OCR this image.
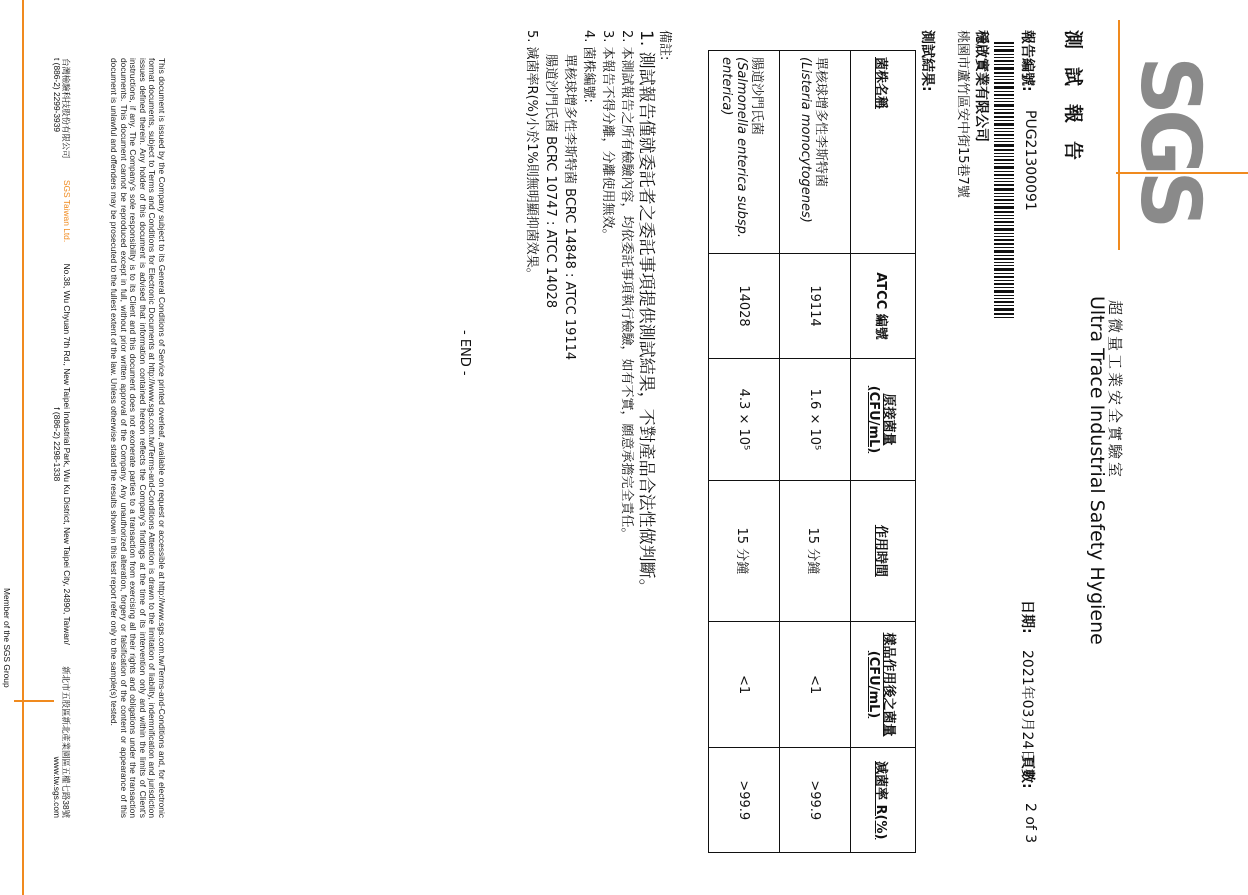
SGS
超微量工業安全實驗室
Ultra Trace Industrial Safety Hygiene
測試報告
報告編號:
PUG21300091
日期:
2021年03月24日
頁數:
2 of 3
穩啟實業有限公司
桃園市蘆竹區安中街15巷7號
測試結果:
菌株名稱	ATCC 編號	原接菌量 (CFU/mL)	作用時間	樣品作用後之菌量(CFU/mL)	減菌率 R(%)

單核球增多性李斯特菌
(Listeria monocytogenes)	19114	1.6 × 10⁵	15 分鐘	<1	>99.9

腸道沙門氏菌
(Salmonella enterica subsp. enterica)	14028	4.3 × 10⁵	15 分鐘	<1	>99.9
備註:
1. 測試報告僅就委託者之委託事項提供測試結果，不對產品合法性做判斷。
2. 本測試報告之所有檢驗內容，均依委託事項執行檢驗，如有不實，願意承擔完全責任。
3. 本報告不得分離，分離使用無效。
4. 菌株編號:
單核球增多性李斯特菌 BCRC 14848 : ATCC 19114
腸道沙門氏菌 BCRC 10747 : ATCC 14028
5. 減菌率R(%)小於1%則無明顯抑菌效果。
- END -
This document is issued by the Company subject to its General Conditions of Service printed overleaf, available on request or accessible at http://www.sgs.com.tw/Terms-and-Conditions and, for electronic format documents, subject to Terms and Conditions for Electronic Documents at http://www.sgs.com.tw/Terms-and-Conditions Attention is drawn to the limitation of liability, indemnification and jurisdiction issues defined therein. Any holder of this document is advised that information contained hereon reflects the Company's findings at the time of its intervention only and within the limits of Client's instructions, if any. The Company's sole responsibility is to its Client and this document does not exonerate parties to a transaction from exercising all their rights and obligations under the transaction documents. This document cannot be reproduced except in full, without prior written approval of the Company. Any unauthorized alteration, forgery or falsification of the content or appearance of this document is unlawful and offenders may be prosecuted to the fullest extent of the law. Unless otherwise stated the results shown in this test report refer only to the sample(s) tested.
台灣檢驗科技股份有限公司
SGS Taiwan Ltd.
No.38, Wu Chyuan 7th Rd., New Taipei Industrial Park, Wu Ku District, New Taipei City, 24890, Taiwan/
新北市五股區新北產業園區五權七路38號
t (886-2) 2299-3939
f (886-2) 2298-1338
www.tw.sgs.com
Member of the SGS Group
